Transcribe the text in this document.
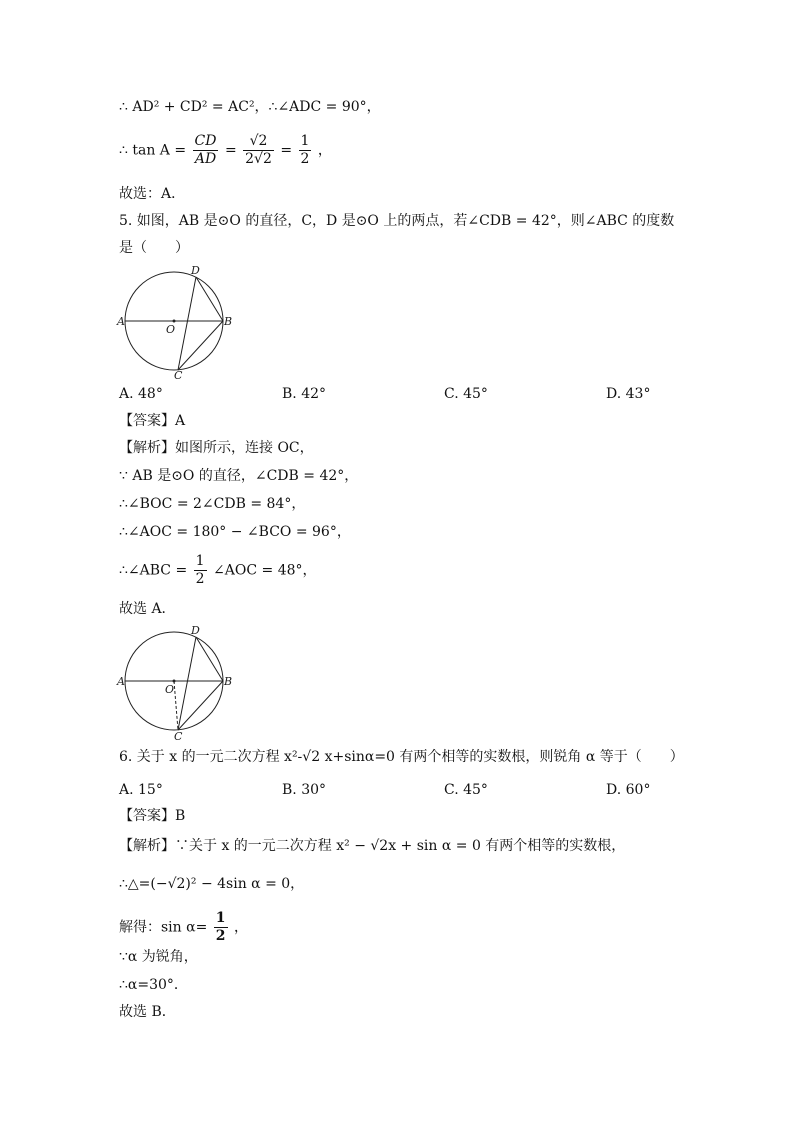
∴ AD² + CD² = AC²，∴∠ADC = 90°，
∴ $\tan A = \frac{CD}{AD} = \frac{√2}{2√2} = \frac{1}{2}$ ，
故选：A．
5. 如图，AB 是⊙O 的直径，C，D 是⊙O 上的两点，若∠CDB = 42°，则∠ABC 的度数
是（　　）
A	B
C
D
O
A. 48°	B. 42°	C. 45°	D. 43°
【答案】A
【解析】如图所示，连接 OC，
∵ AB 是⊙O 的直径，∠CDB = 42°，
∴∠BOC = 2∠CDB = 84°，
∴∠AOC = 180° − ∠BCO = 96°，
∴∠ABC = $\frac{1}{2}$ ∠AOC = 48°，
故选 A．
A	B
C
D
O
6. 关于 x 的一元二次方程 x²-√2 x+sinα=0 有两个相等的实数根，则锐角 α 等于（　　）
A. 15°	B. 30°	C. 45°	D. 60°
【答案】B
【解析】∵关于 x 的一元二次方程 x² − √2x + sin α = 0 有两个相等的实数根，
∴△=(−√2)² − 4sin α = 0，
解得：$\sin \alpha= \frac{1}{2}$ ，
∵α 为锐角，
∴α=30°．
故选 B．
